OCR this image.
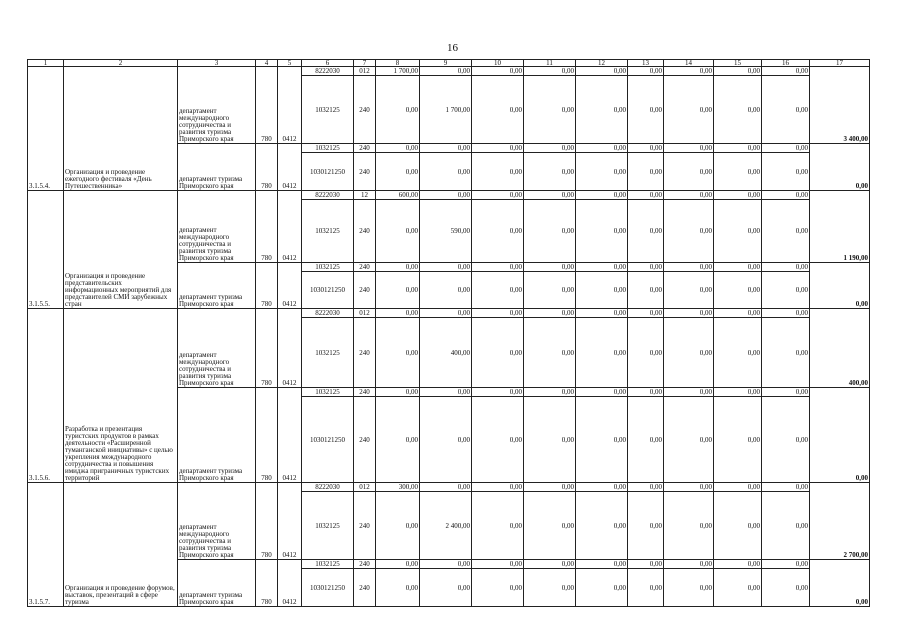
16
1	2	3	4	5	6	7	8	9	10	11	12	13	14	15	16	17
3.1.5.4.	Организация и проведение ежегодного фестиваля «День Путешественника»	департамент международного сотрудничества и развития туризма Приморского края	780	0412	8222030	012	1 700,00	0,00	0,00	0,00	0,00	0,00	0,00	0,00	0,00	3 400,00
					1032125	240	0,00	1 700,00	0,00	0,00	0,00	0,00	0,00	0,00	0,00	
		департамент туризма Приморского края	780	0412	1032125	240	0,00	0,00	0,00	0,00	0,00	0,00	0,00	0,00	0,00	0,00
					1030121250	240	0,00	0,00	0,00	0,00	0,00	0,00	0,00	0,00	0,00	
3.1.5.5.	Организация и проведение представительских информационных мероприятий для представителей СМИ зарубежных стран	департамент международного сотрудничества и развития туризма Приморского края	780	0412	8222030	12	600,00	0,00	0,00	0,00	0,00	0,00	0,00	0,00	0,00	1 190,00
					1032125	240	0,00	590,00	0,00	0,00	0,00	0,00	0,00	0,00	0,00	
		департамент туризма Приморского края	780	0412	1032125	240	0,00	0,00	0,00	0,00	0,00	0,00	0,00	0,00	0,00	0,00
					1030121250	240	0,00	0,00	0,00	0,00	0,00	0,00	0,00	0,00	0,00	
3.1.5.6.	Разработка и презентация туристских продуктов в рамках деятельности «Расширенной туманганской инициативы» с целью укрепления международного сотрудничества и повышения имиджа приграничных туристских территорий	департамент международного сотрудничества и развития туризма Приморского края	780	0412	8222030	012	0,00	0,00	0,00	0,00	0,00	0,00	0,00	0,00	0,00	400,00
					1032125	240	0,00	400,00	0,00	0,00	0,00	0,00	0,00	0,00	0,00	
		департамент туризма Приморского края	780	0412	1032125	240	0,00	0,00	0,00	0,00	0,00	0,00	0,00	0,00	0,00	0,00
					1030121250	240	0,00	0,00	0,00	0,00	0,00	0,00	0,00	0,00	0,00	
3.1.5.7.	Организация и проведение форумов, выставок, презентаций в сфере туризма	департамент международного сотрудничества и развития туризма Приморского края	780	0412	8222030	012	300,00	0,00	0,00	0,00	0,00	0,00	0,00	0,00	0,00	2 700,00
					1032125	240	0,00	2 400,00	0,00	0,00	0,00	0,00	0,00	0,00	0,00	
		департамент туризма Приморского края	780	0412	1032125	240	0,00	0,00	0,00	0,00	0,00	0,00	0,00	0,00	0,00	0,00
					1030121250	240	0,00	0,00	0,00	0,00	0,00	0,00	0,00	0,00	0,00	
